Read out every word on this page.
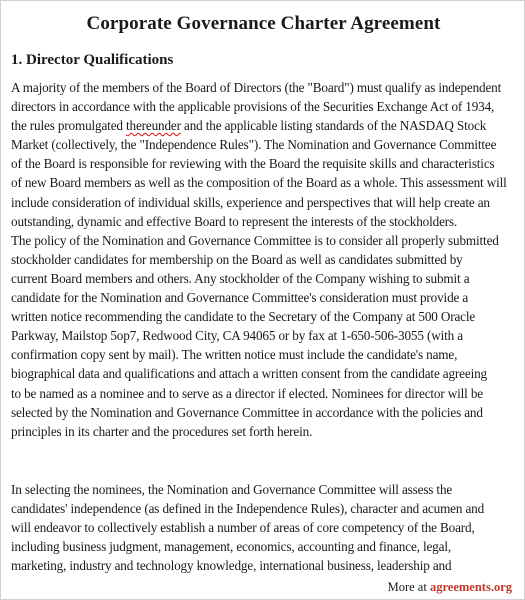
Corporate Governance Charter Agreement
1. Director Qualifications
A majority of the members of the Board of Directors (the "Board") must qualify as independent
directors in accordance with the applicable provisions of the Securities Exchange Act of 1934,
the rules promulgated thereunder and the applicable listing standards of the NASDAQ Stock
Market (collectively, the "Independence Rules"). The Nomination and Governance Committee
of the Board is responsible for reviewing with the Board the requisite skills and characteristics
of new Board members as well as the composition of the Board as a whole. This assessment will
include consideration of individual skills, experience and perspectives that will help create an
outstanding, dynamic and effective Board to represent the interests of the stockholders.
The policy of the Nomination and Governance Committee is to consider all properly submitted
stockholder candidates for membership on the Board as well as candidates submitted by
current Board members and others. Any stockholder of the Company wishing to submit a
candidate for the Nomination and Governance Committee's consideration must provide a
written notice recommending the candidate to the Secretary of the Company at 500 Oracle
Parkway, Mailstop 5op7, Redwood City, CA 94065 or by fax at 1-650-506-3055 (with a
confirmation copy sent by mail). The written notice must include the candidate's name,
biographical data and qualifications and attach a written consent from the candidate agreeing
to be named as a nominee and to serve as a director if elected. Nominees for director will be
selected by the Nomination and Governance Committee in accordance with the policies and
principles in its charter and the procedures set forth herein.
In selecting the nominees, the Nomination and Governance Committee will assess the
candidates' independence (as defined in the Independence Rules), character and acumen and
will endeavor to collectively establish a number of areas of core competency of the Board,
including business judgment, management, economics, accounting and finance, legal,
marketing, industry and technology knowledge, international business, leadership and
More at agreements.org
